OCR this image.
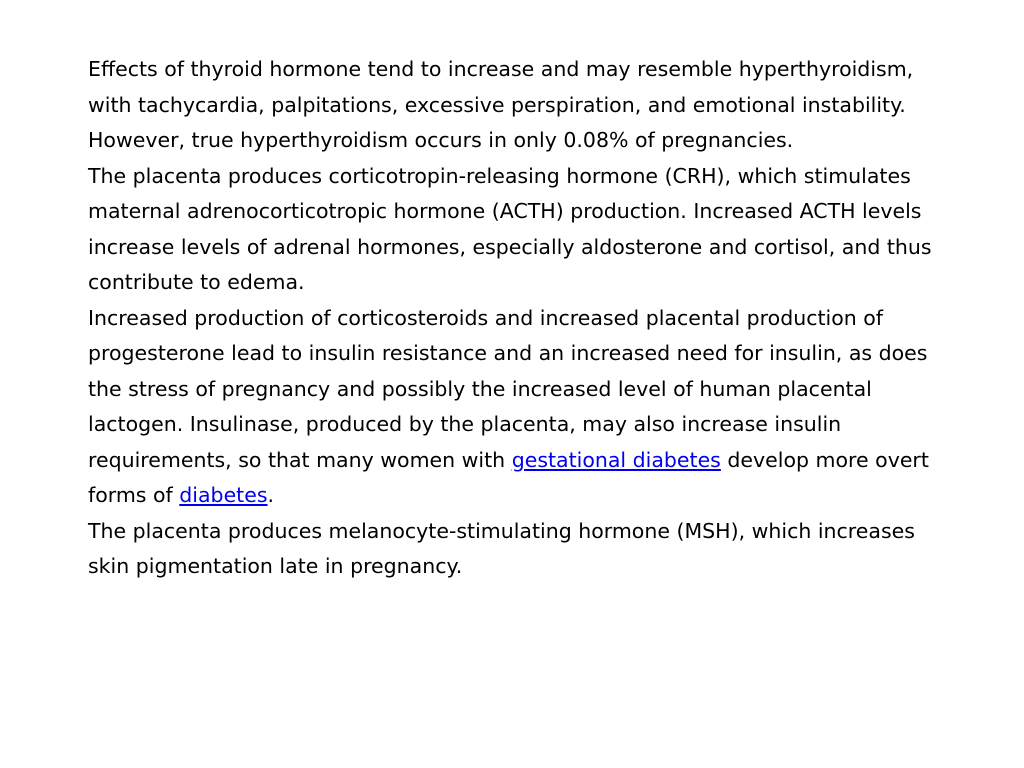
Effects of thyroid hormone tend to increase and may resemble hyperthyroidism, with tachycardia, palpitations, excessive perspiration, and emotional instability. However, true hyperthyroidism occurs in only 0.08% of pregnancies.

The placenta produces corticotropin-releasing hormone (CRH), which stimulates maternal adrenocorticotropic hormone (ACTH) production. Increased ACTH levels increase levels of adrenal hormones, especially aldosterone and cortisol, and thus contribute to edema.

Increased production of corticosteroids and increased placental production of progesterone lead to insulin resistance and an increased need for insulin, as does the stress of pregnancy and possibly the increased level of human placental lactogen. Insulinase, produced by the placenta, may also increase insulin requirements, so that many women with gestational diabetes develop more overt forms of diabetes.

The placenta produces melanocyte-stimulating hormone (MSH), which increases skin pigmentation late in pregnancy.
